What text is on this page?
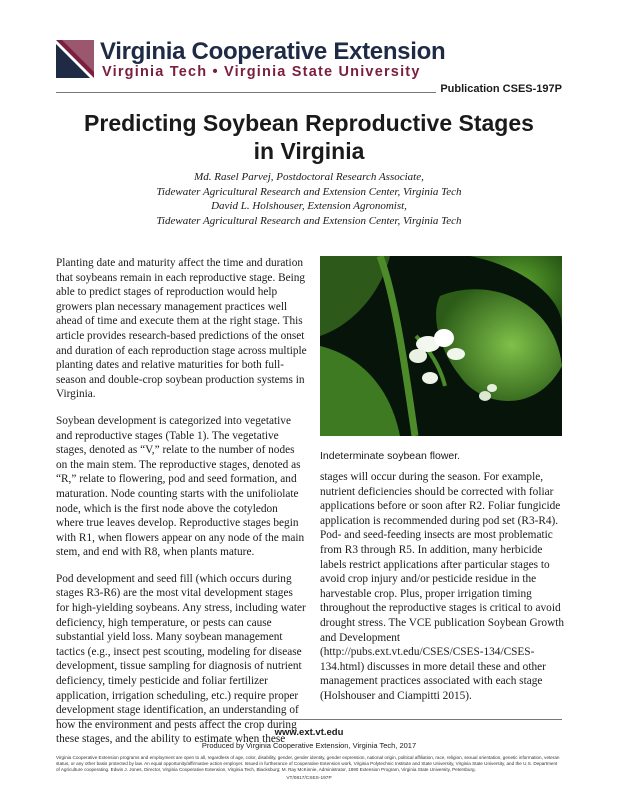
Virginia Cooperative Extension
Virginia Tech • Virginia State University
Publication CSES-197P
Predicting Soybean Reproductive Stages
in Virginia
Md. Rasel Parvej, Postdoctoral Research Associate,
Tidewater Agricultural Research and Extension Center, Virginia Tech
David L. Holshouser, Extension Agronomist,
Tidewater Agricultural Research and Extension Center, Virginia Tech

Planting date and maturity affect the time and duration that soybeans remain in each reproductive stage. Being able to predict stages of reproduction would help growers plan necessary management practices well ahead of time and execute them at the right stage. This article provides research-based predictions of the onset and duration of each reproduction stage across multiple planting dates and relative maturities for both full-season and double-crop soybean production systems in Virginia.

Soybean development is categorized into vegetative and reproductive stages (Table 1). The vegetative stages, denoted as “V,” relate to the number of nodes on the main stem. The reproductive stages, denoted as “R,” relate to flowering, pod and seed formation, and maturation. Node counting starts with the unifoliolate node, which is the first node above the cotyledon where true leaves develop. Reproductive stages begin with R1, when flowers appear on any node of the main stem, and end with R8, when plants mature.

Pod development and seed fill (which occurs during stages R3-R6) are the most vital development stages for high-yielding soybeans. Any stress, including water deficiency, high temperature, or pests can cause substantial yield loss. Many soybean management tactics (e.g., insect pest scouting, modeling for disease development, tissue sampling for diagnosis of nutrient deficiency, timely pesticide and foliar fertilizer application, irrigation scheduling, etc.) require proper development stage identification, an understanding of how the environment and pests affect the crop during these stages, and the ability to estimate when these

Indeterminate soybean flower.

stages will occur during the season. For example, nutrient deficiencies should be corrected with foliar applications before or soon after R2. Foliar fungicide application is recommended during pod set (R3-R4). Pod- and seed-feeding insects are most problematic from R3 through R5. In addition, many herbicide labels restrict applications after particular stages to avoid crop injury and/or pesticide residue in the harvestable crop. Plus, proper irrigation timing throughout the reproductive stages is critical to avoid drought stress. The VCE publication Soybean Growth and Development (http://pubs.ext.vt.edu/CSES/CSES-134/CSES-134.html) discusses in more detail these and other management practices associated with each stage (Holshouser and Ciampitti 2015).

www.ext.vt.edu
Produced by Virginia Cooperative Extension, Virginia Tech, 2017
Virginia Cooperative Extension programs and employment are open to all, regardless of age, color, disability, gender, gender identity, gender expression, national origin, political affiliation, race, religion, sexual orientation, genetic information, veteran status, or any other basis protected by law. An equal opportunity/affirmative action employer. Issued in furtherance of Cooperative Extension work, Virginia Polytechnic Institute and State University, Virginia State University, and the U.S. Department of Agriculture cooperating. Edwin J. Jones, Director, Virginia Cooperative Extension, Virginia Tech, Blacksburg; M. Ray McKinnie, Administrator, 1890 Extension Program, Virginia State University, Petersburg.
VT/0817/CSES-197P
